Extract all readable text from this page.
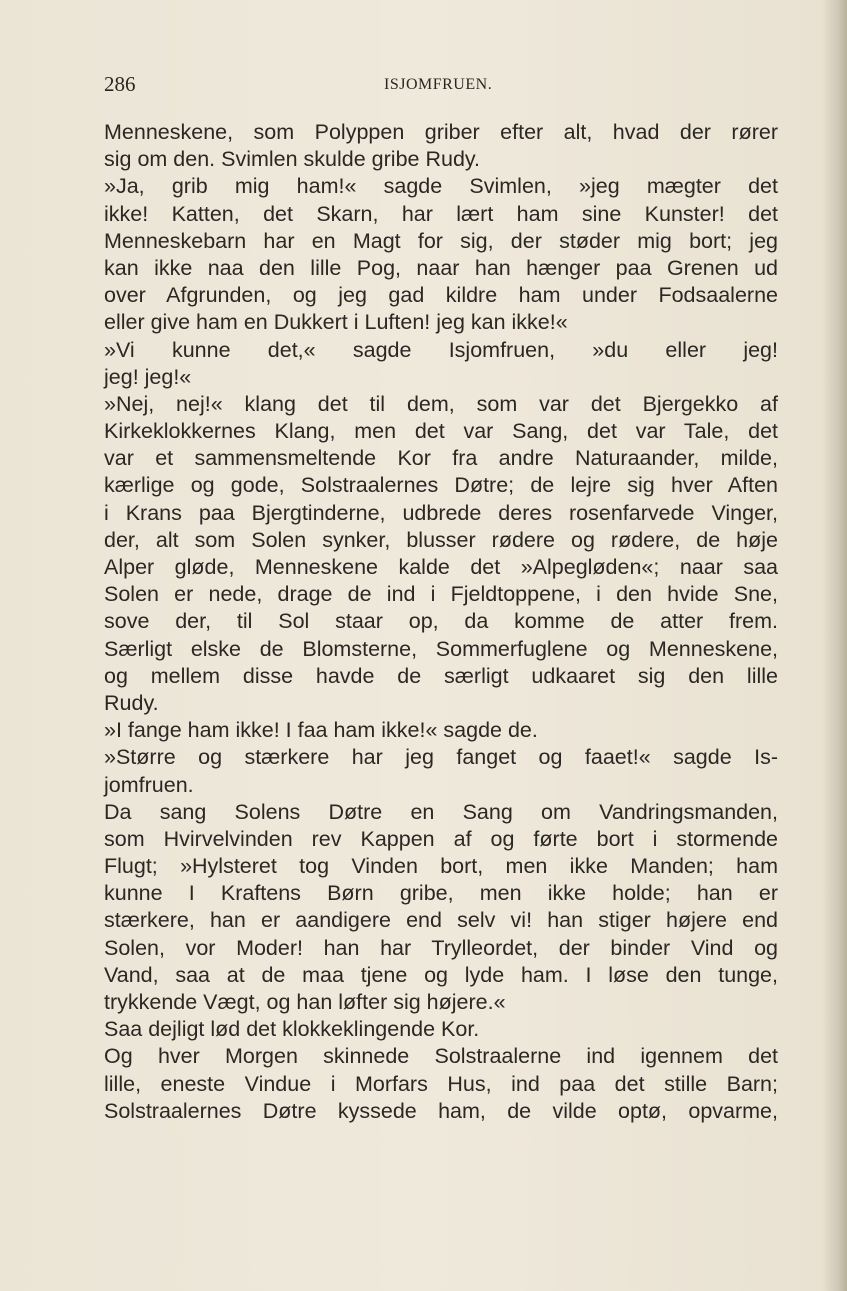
286	ISJOMFRUEN.
Menneskene, som Polyppen griber efter alt, hvad der rører
sig om den. Svimlen skulde gribe Rudy.
»Ja, grib mig ham!« sagde Svimlen, »jeg mægter det
ikke! Katten, det Skarn, har lært ham sine Kunster! det
Menneskebarn har en Magt for sig, der støder mig bort; jeg
kan ikke naa den lille Pog, naar han hænger paa Grenen ud
over Afgrunden, og jeg gad kildre ham under Fodsaalerne
eller give ham en Dukkert i Luften! jeg kan ikke!«
»Vi kunne det,« sagde Isjomfruen, »du eller jeg!
jeg! jeg!«
»Nej, nej!« klang det til dem, som var det Bjergekko af
Kirkeklokkernes Klang, men det var Sang, det var Tale, det
var et sammensmeltende Kor fra andre Naturaander, milde,
kærlige og gode, Solstraalernes Døtre; de lejre sig hver Aften
i Krans paa Bjergtinderne, udbrede deres rosenfarvede Vinger,
der, alt som Solen synker, blusser rødere og rødere, de høje
Alper gløde, Menneskene kalde det »Alpegløden«; naar saa
Solen er nede, drage de ind i Fjeldtoppene, i den hvide Sne,
sove der, til Sol staar op, da komme de atter frem.
Særligt elske de Blomsterne, Sommerfuglene og Menneskene,
og mellem disse havde de særligt udkaaret sig den lille
Rudy.
»I fange ham ikke! I faa ham ikke!« sagde de.
»Større og stærkere har jeg fanget og faaet!« sagde Is-
jomfruen.
Da sang Solens Døtre en Sang om Vandringsmanden,
som Hvirvelvinden rev Kappen af og førte bort i stormende
Flugt; »Hylsteret tog Vinden bort, men ikke Manden; ham
kunne I Kraftens Børn gribe, men ikke holde; han er
stærkere, han er aandigere end selv vi! han stiger højere end
Solen, vor Moder! han har Trylleordet, der binder Vind og
Vand, saa at de maa tjene og lyde ham. I løse den tunge,
trykkende Vægt, og han løfter sig højere.«
Saa dejligt lød det klokkeklingende Kor.
Og hver Morgen skinnede Solstraalerne ind igennem det
lille, eneste Vindue i Morfars Hus, ind paa det stille Barn;
Solstraalernes Døtre kyssede ham, de vilde optø, opvarme,
